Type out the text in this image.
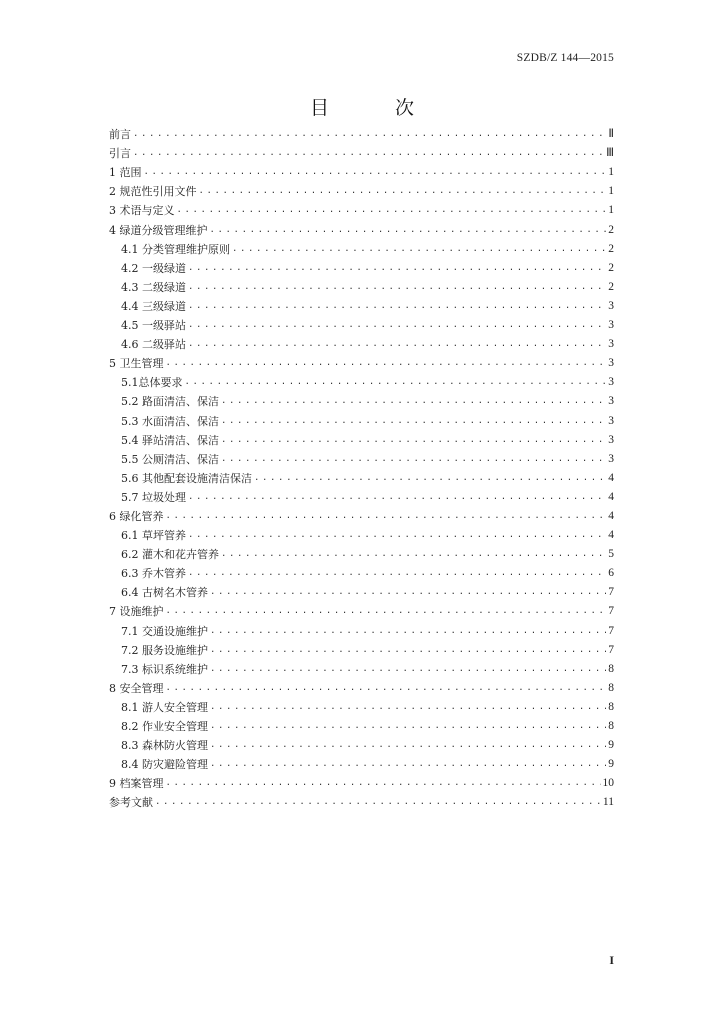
SZDB/Z 144—2015
目 次
前言 .....	Ⅱ
引言 .....	Ⅲ
1 范围 .....	1
2 规范性引用文件 .....	1
3 术语与定义 .....	1
4 绿道分级管理维护 .....	2
4.1 分类管理维护原则 .....	2
4.2 一级绿道 .....	2
4.3 二级绿道 .....	2
4.4 三级绿道 .....	3
4.5 一级驿站 .....	3
4.6 二级驿站 .....	3
5 卫生管理 .....	3
5.1总体要求 .....	3
5.2 路面清洁、保洁 .....	3
5.3 水面清洁、保洁 .....	3
5.4 驿站清洁、保洁 .....	3
5.5 公厕清洁、保洁 .....	3
5.6 其他配套设施清洁保洁 .....	4
5.7 垃圾处理 .....	4
6 绿化管养 .....	4
6.1 草坪管养 .....	4
6.2 灌木和花卉管养 .....	5
6.3 乔木管养 .....	6
6.4 古树名木管养 .....	7
7 设施维护 .....	7
7.1 交通设施维护 .....	7
7.2 服务设施维护 .....	7
7.3 标识系统维护 .....	8
8 安全管理 .....	8
8.1 游人安全管理 .....	8
8.2 作业安全管理 .....	8
8.3 森林防火管理 .....	9
8.4 防灾避险管理 .....	9
9 档案管理 .....	10
参考文献 .....	11
I
